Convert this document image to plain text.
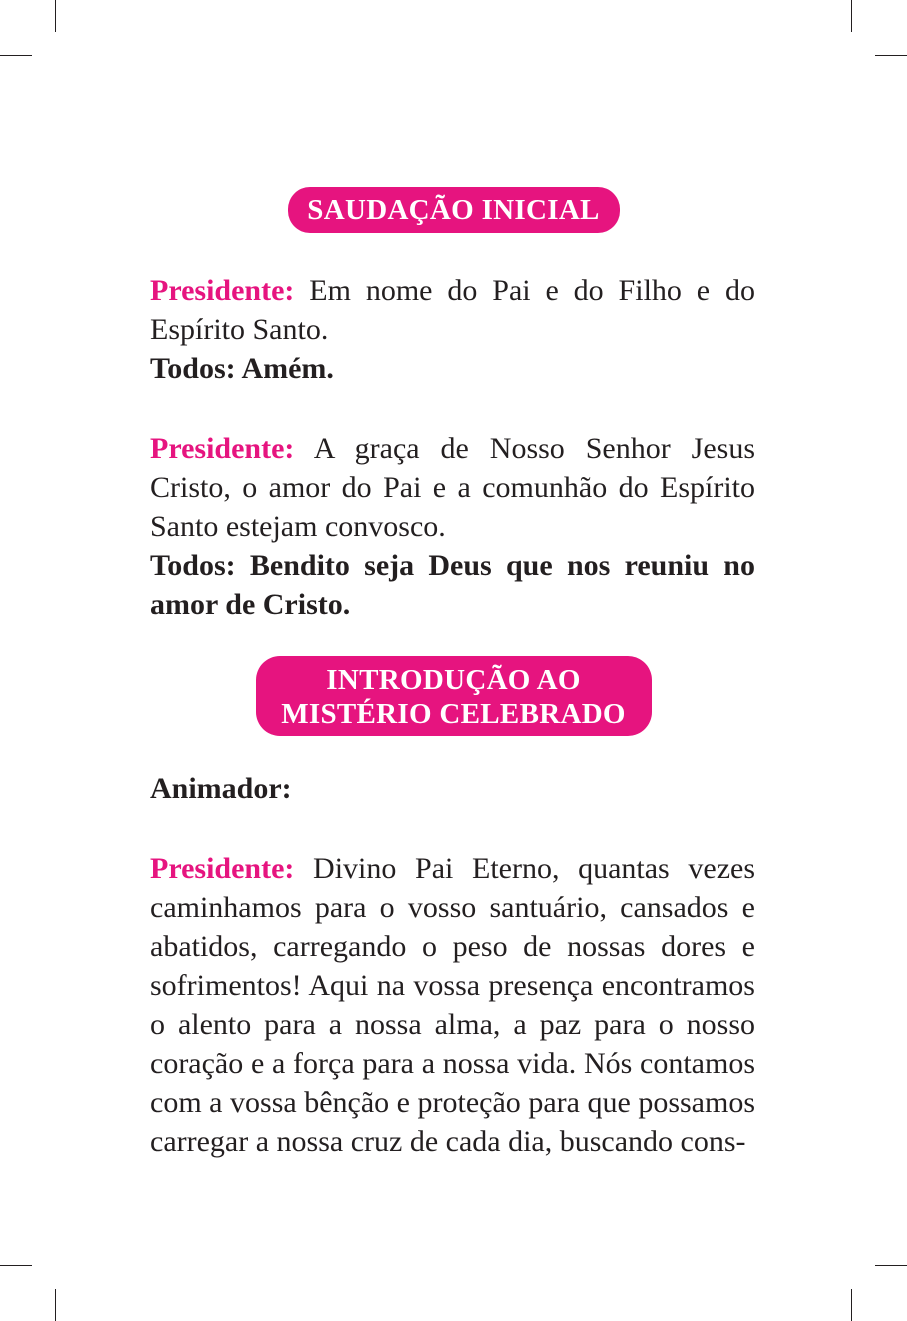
SAUDAÇÃO INICIAL

Presidente: Em nome do Pai e do Filho e do Espírito Santo.
Todos: Amém.

Presidente: A graça de Nosso Senhor Jesus Cristo, o amor do Pai e a comunhão do Espírito Santo estejam convosco.
Todos: Bendito seja Deus que nos reuniu no amor de Cristo.

INTRODUÇÃO AO
MISTÉRIO CELEBRADO

Animador:

Presidente: Divino Pai Eterno, quantas vezes caminhamos para o vosso santuário, cansados e abatidos, carregando o peso de nossas dores e sofrimentos! Aqui na vossa presença encontramos o alento para a nossa alma, a paz para o nosso coração e a força para a nossa vida. Nós contamos com a vossa bênção e proteção para que possamos carregar a nossa cruz de cada dia, buscando cons-
